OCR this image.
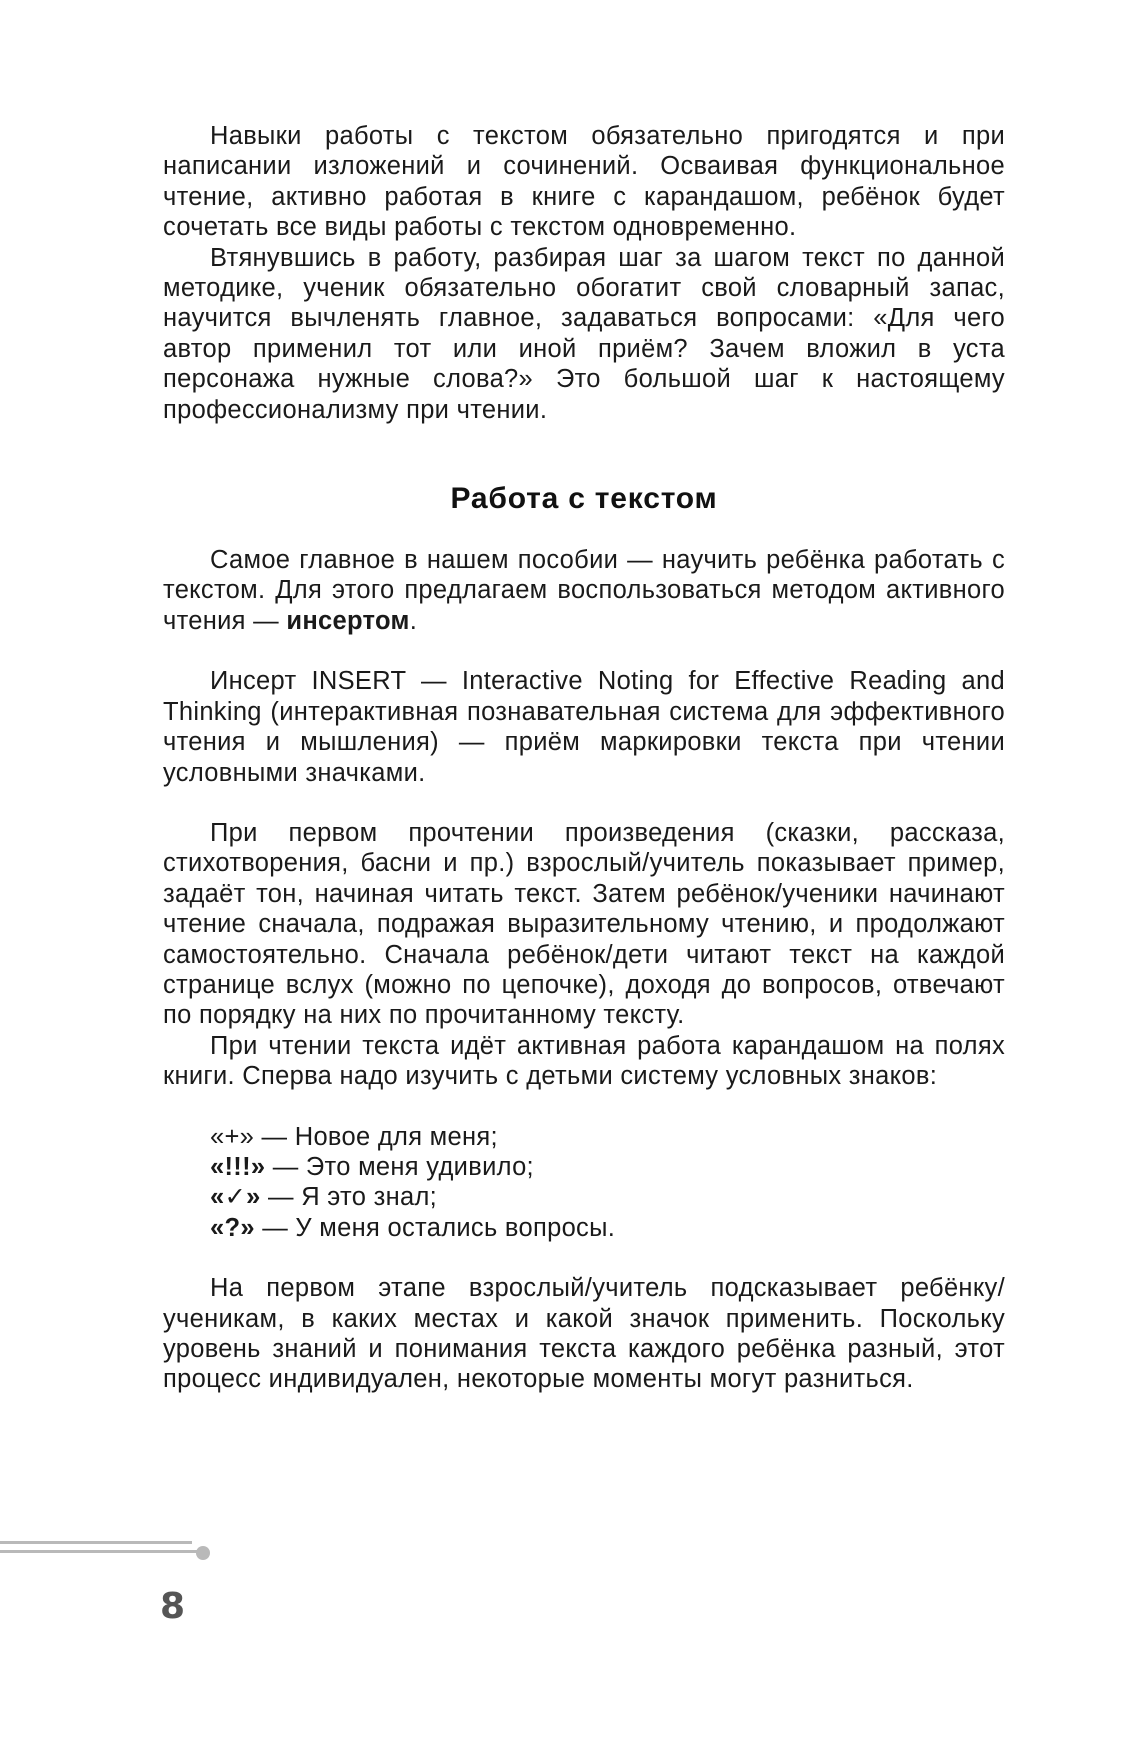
Навыки работы с текстом обязательно пригодятся и при написании изложений и сочинений. Осваивая функциональное чтение, активно работая в книге с карандашом, ребёнок будет сочетать все виды работы с текстом одновременно.

Втянувшись в работу, разбирая шаг за шагом текст по данной методике, ученик обязательно обогатит свой словарный запас, научится вычленять главное, задаваться вопросами: «Для чего автор применил тот или иной приём? Зачем вложил в уста персонажа нужные слова?» Это большой шаг к настоящему профессионализму при чтении.

Работа с текстом

Самое главное в нашем пособии — научить ребёнка работать с текстом. Для этого предлагаем воспользоваться методом активного чтения — инсертом.

Инсерт INSERT — Interactive Noting for Effective Reading and Thinking (интерактивная познавательная система для эффективного чтения и мышления) — приём маркировки текста при чтении условными значками.

При первом прочтении произведения (сказки, рассказа, стихотворения, басни и пр.) взрослый/учитель показывает пример, задаёт тон, начиная читать текст. Затем ребёнок/ученики начинают чтение сначала, подражая выразительному чтению, и продолжают самостоятельно. Сначала ребёнок/дети читают текст на каждой странице вслух (можно по цепочке), доходя до вопросов, отвечают по порядку на них по прочитанному тексту.

При чтении текста идёт активная работа карандашом на полях книги. Сперва надо изучить с детьми систему условных знаков:

«+» — Новое для меня;
«!!!» — Это меня удивило;
«✓» — Я это знал;
«?» — У меня остались вопросы.

На первом этапе взрослый/учитель подсказывает ребёнку/ученикам, в каких местах и какой значок применить. Поскольку уровень знаний и понимания текста каждого ребёнка разный, этот процесс индивидуален, некоторые моменты могут разниться.

8
